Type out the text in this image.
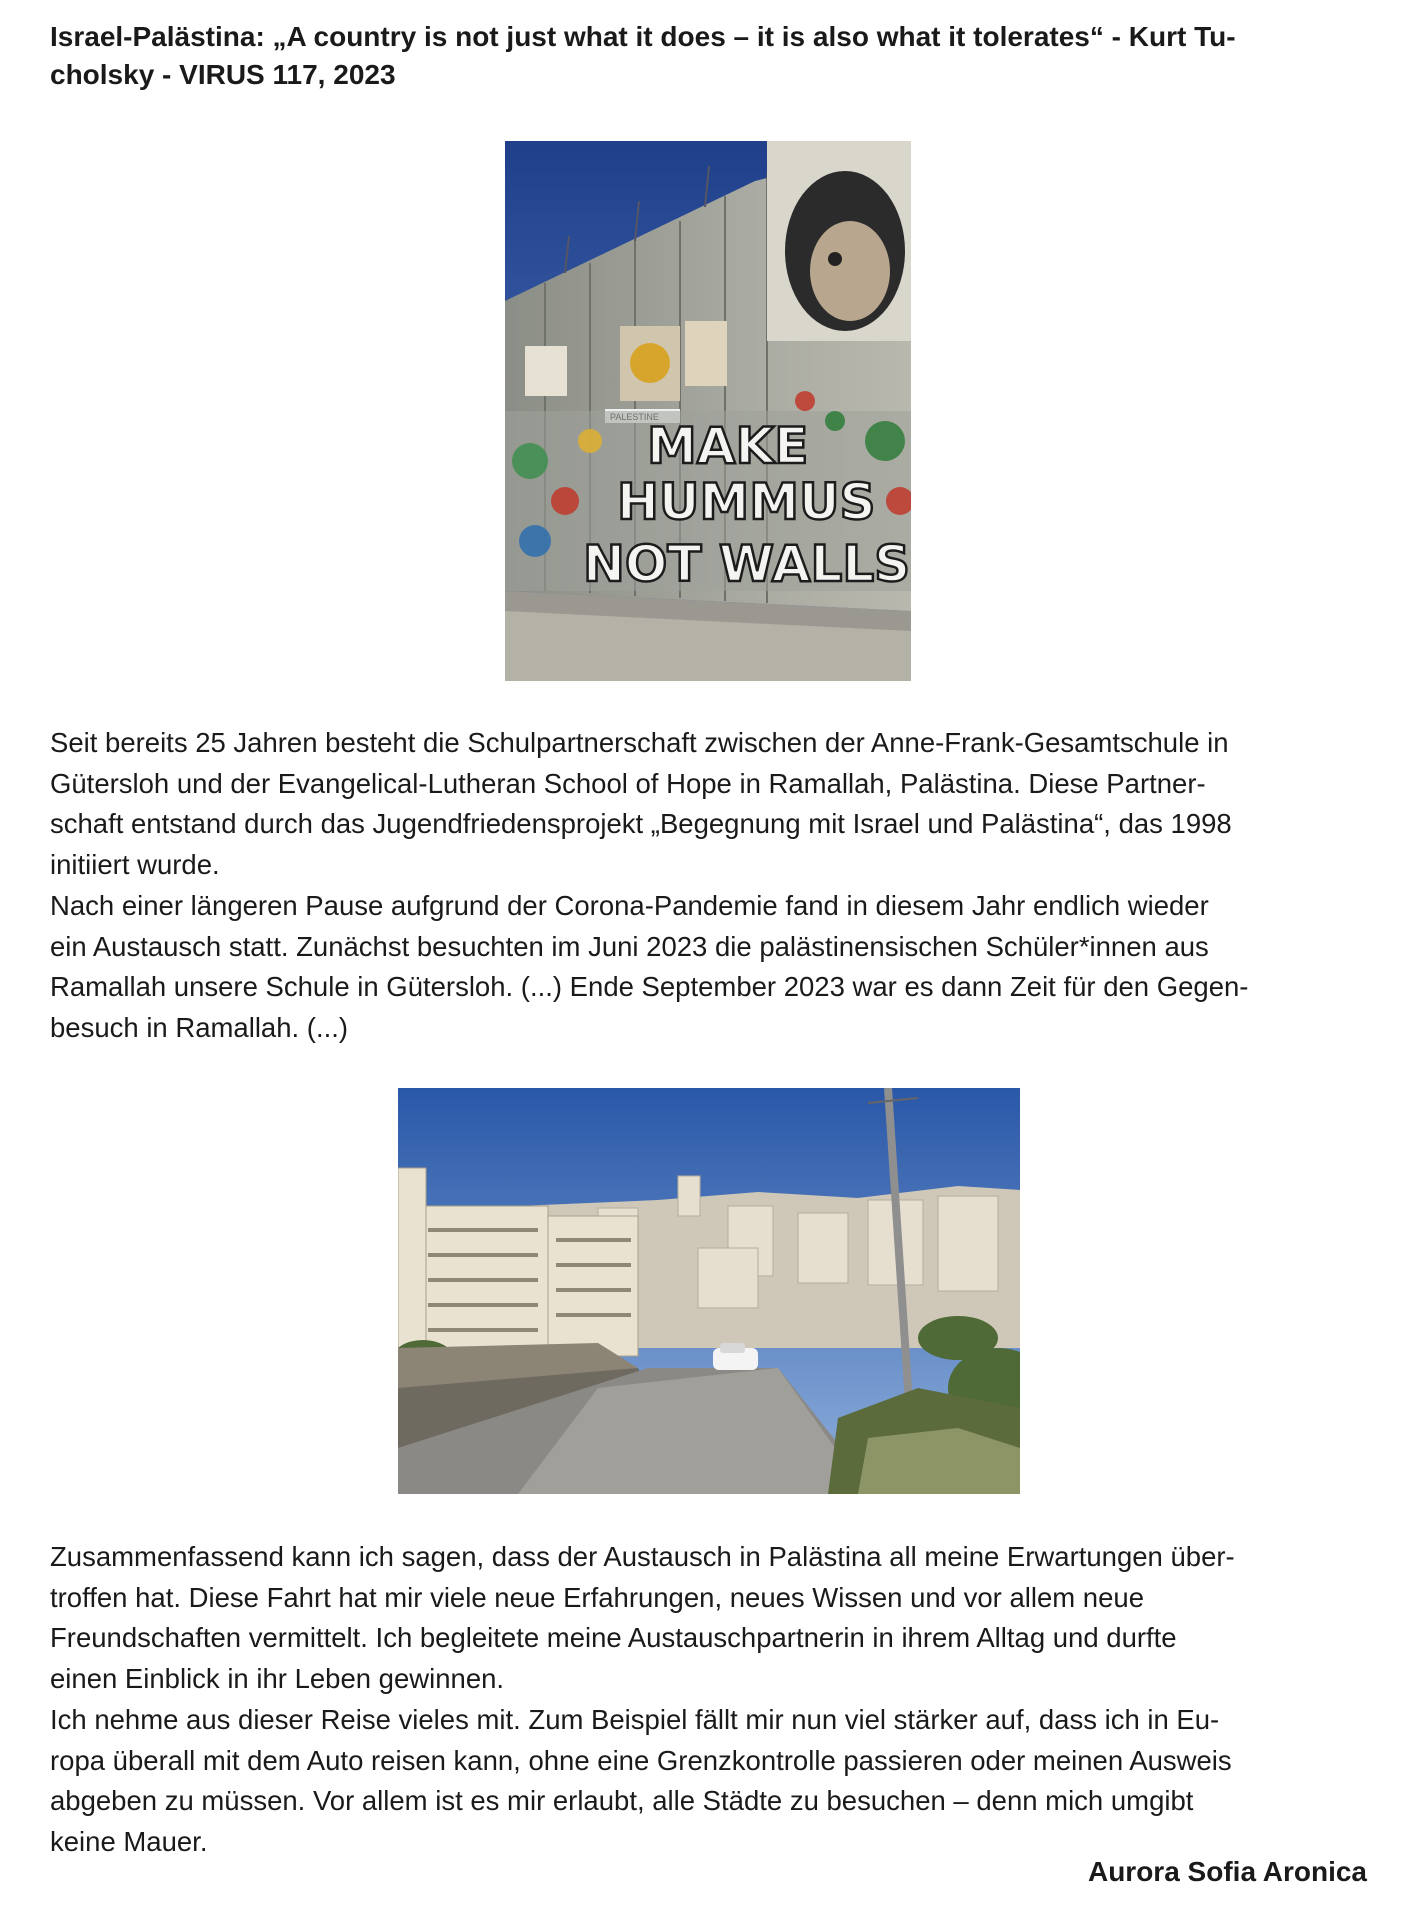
Israel-Palästina: „A country is not just what it does – it is also what it tolerates“ - Kurt Tu-
cholsky - VIRUS 117, 2023
MAKE
HUMMUS
NOT WALLS

Seit bereits 25 Jahren besteht die Schulpartnerschaft zwischen der Anne-Frank-Gesamtschule in
Gütersloh und der Evangelical-Lutheran School of Hope in Ramallah, Palästina. Diese Partner-
schaft entstand durch das Jugendfriedensprojekt „Begegnung mit Israel und Palästina“, das 1998
initiiert wurde.

Nach einer längeren Pause aufgrund der Corona-Pandemie fand in diesem Jahr endlich wieder
ein Austausch statt. Zunächst besuchten im Juni 2023 die palästinensischen Schüler*innen aus
Ramallah unsere Schule in Gütersloh. (...) Ende September 2023 war es dann Zeit für den Gegen-
besuch in Ramallah. (...)

Zusammenfassend kann ich sagen, dass der Austausch in Palästina all meine Erwartungen über-
troffen hat. Diese Fahrt hat mir viele neue Erfahrungen, neues Wissen und vor allem neue
Freundschaften vermittelt. Ich begleitete meine Austauschpartnerin in ihrem Alltag und durfte
einen Einblick in ihr Leben gewinnen.

Ich nehme aus dieser Reise vieles mit. Zum Beispiel fällt mir nun viel stärker auf, dass ich in Eu-
ropa überall mit dem Auto reisen kann, ohne eine Grenzkontrolle passieren oder meinen Ausweis
abgeben zu müssen. Vor allem ist es mir erlaubt, alle Städte zu besuchen – denn mich umgibt
keine Mauer.

Aurora Sofia Aronica
